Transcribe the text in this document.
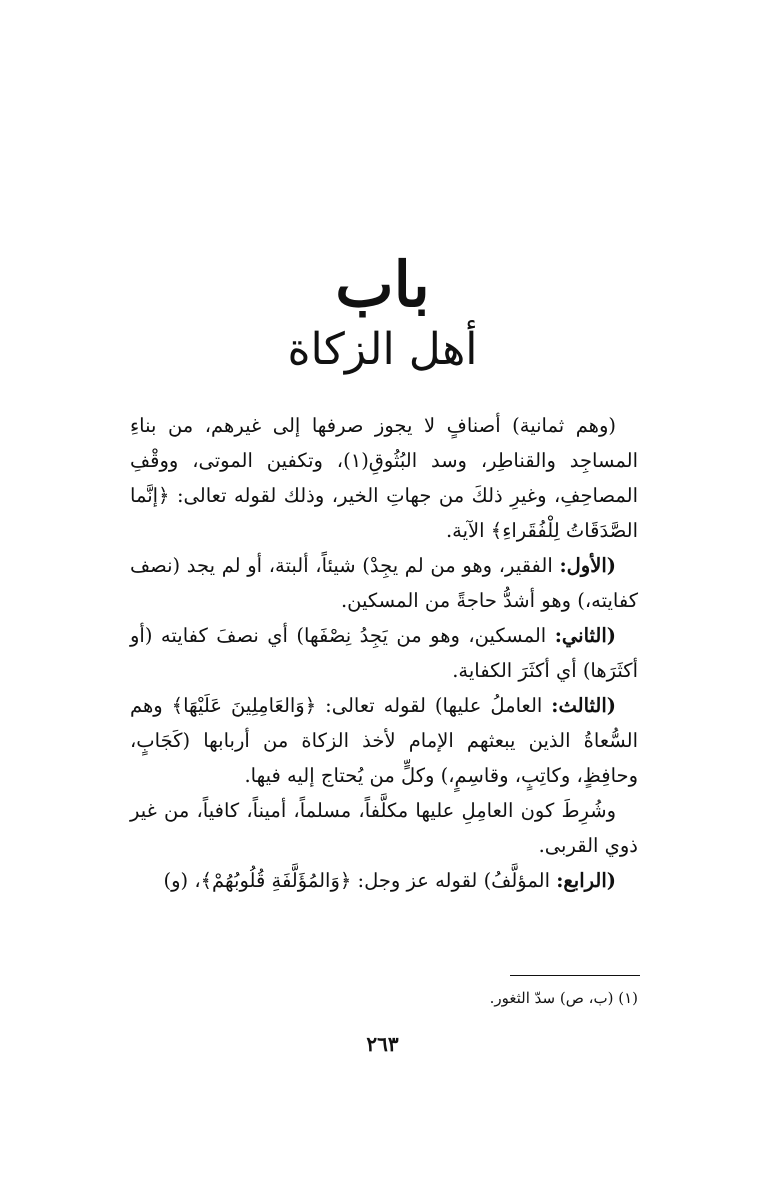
باب
أهل الزكاة

(وهم ثمانية) أصنافٍ لا يجوز صرفها إلى غيرهم، من بناءِ المساجِد والقناطِر، وسد البُثُوقِ(١)، وتكفين الموتى، ووقْفِ المصاحِفِ، وغيرِ ذلكَ من جهاتِ الخير، وذلك لقوله تعالى: ﴿إنَّما الصَّدَقَاتُ لِلْفُقَراءِ﴾ الآية.

(الأول: الفقير، وهو من لم يجِدْ) شيئاً، ألبتة، أو لم يجد (نصف كفايته،) وهو أشدُّ حاجةً من المسكين.

(الثاني: المسكين، وهو من يَجِدُ نِصْفَها) أي نصفَ كفايته (أو أكثَرَها) أي أكثَرَ الكفاية.

(الثالث: العاملُ عليها) لقوله تعالى: ﴿وَالعَامِلِينَ عَلَيْهَا﴾ وهم السُّعاةُ الذين يبعثهم الإمام لأخذ الزكاة من أربابها (كَجَابٍ، وحافِظٍ، وكاتِبٍ، وقاسِمٍ،) وكلٍّ من يُحتاج إليه فيها.

وشُرِطَ كون العامِلِ عليها مكلَّفاً، مسلماً، أميناً، كافياً، من غير ذوي القربى.

(الرابع: المؤلَّفُ) لقوله عز وجل: ﴿وَالمُؤَلَّفَةِ قُلُوبُهُمْ﴾، (و)

(١) (ب، ص) سدّ الثغور.
٢٦٣
